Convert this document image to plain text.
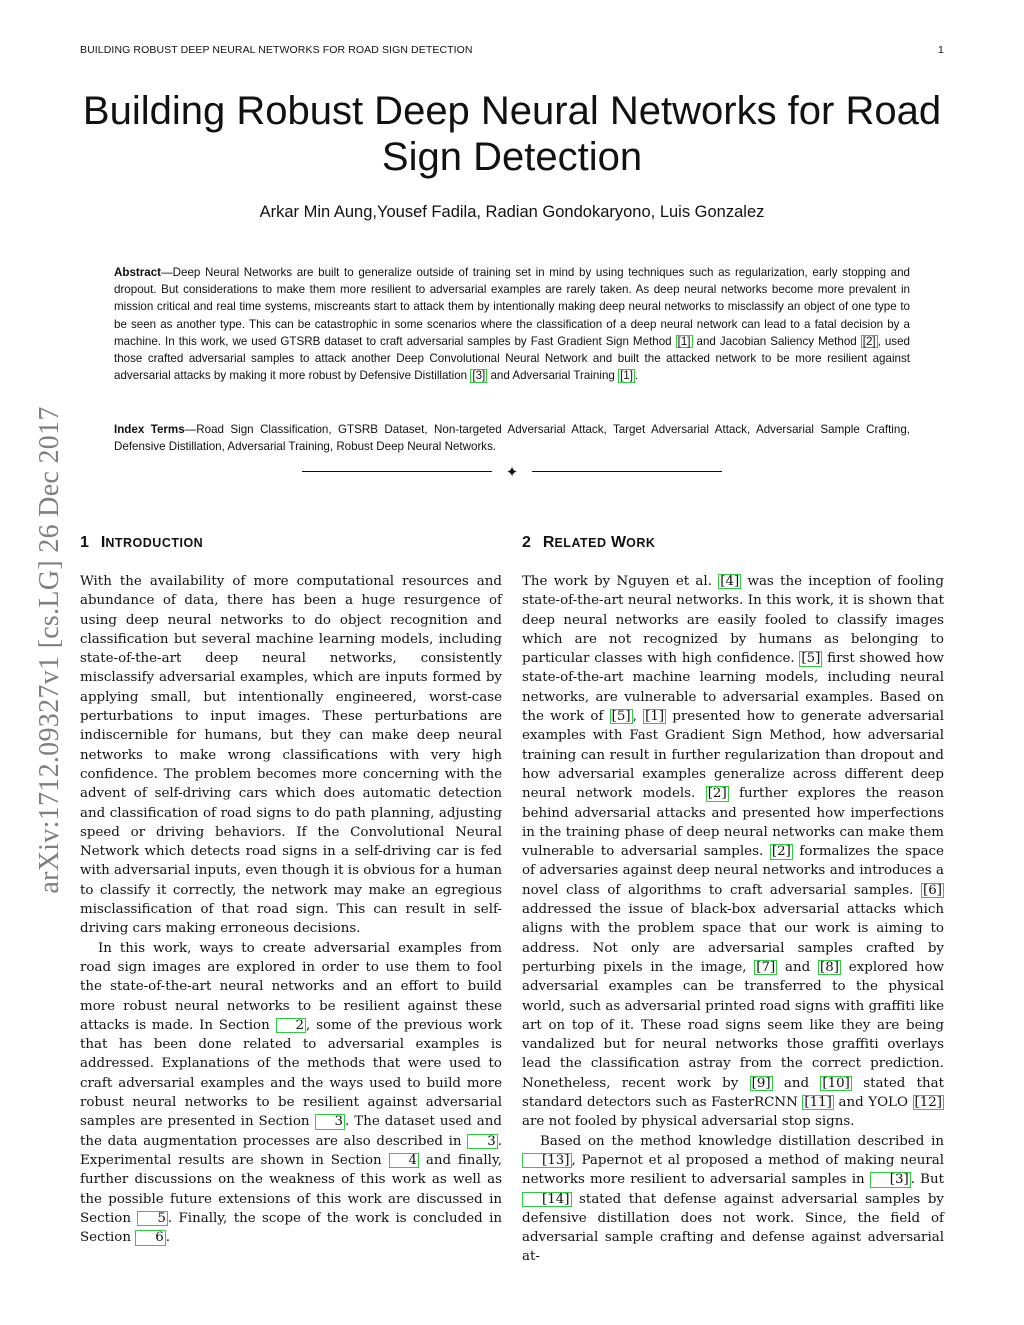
BUILDING ROBUST DEEP NEURAL NETWORKS FOR ROAD SIGN DETECTION	1
arXiv:1712.09327v1 [cs.LG] 26 Dec 2017
Building Robust Deep Neural Networks for Road Sign Detection
Arkar Min Aung,Yousef Fadila, Radian Gondokaryono, Luis Gonzalez

Abstract—Deep Neural Networks are built to generalize outside of training set in mind by using techniques such as regularization, early stopping and dropout. But considerations to make them more resilient to adversarial examples are rarely taken. As deep neural networks become more prevalent in mission critical and real time systems, miscreants start to attack them by intentionally making deep neural networks to misclassify an object of one type to be seen as another type. This can be catastrophic in some scenarios where the classification of a deep neural network can lead to a fatal decision by a machine. In this work, we used GTSRB dataset to craft adversarial samples by Fast Gradient Sign Method [1] and Jacobian Saliency Method [2] , used those crafted adversarial samples to attack another Deep Convolutional Neural Network and built the attacked network to be more resilient against adversarial attacks by making it more robust by Defensive Distillation [3] and Adversarial Training [1] .

Index Terms—Road Sign Classification, GTSRB Dataset, Non-targeted Adversarial Attack, Target Adversarial Attack, Adversarial Sample Crafting, Defensive Distillation, Adversarial Training, Robust Deep Neural Networks.

✦
1 INTRODUCTION	2 RELATED WORK

With the availability of more computational resources and abundance of data, there has been a huge resurgence of using deep neural networks to do object recognition and classification but several machine learning models, including state-of-the-art deep neural networks, consistently misclassify adversarial examples, which are inputs formed by applying small, but intentionally engineered, worst-case perturbations to input images. These perturbations are indiscernible for humans, but they can make deep neural networks to make wrong classifications with very high confidence. The problem becomes more concerning with the advent of self-driving cars which does automatic detection and classification of road signs to do path planning, adjusting speed or driving behaviors. If the Convolutional Neural Network which detects road signs in a self-driving car is fed with adversarial inputs, even though it is obvious for a human to classify it correctly, the network may make an egregious misclassification of that road sign. This can result in self-driving cars making erroneous decisions.

In this work, ways to create adversarial examples from road sign images are explored in order to use them to fool the state-of-the-art neural networks and an effort to build more robust neural networks to be resilient against these attacks is made. In Section 2 , some of the previous work that has been done related to adversarial examples is addressed. Explanations of the methods that were used to craft adversarial examples and the ways used to build more robust neural networks to be resilient against adversarial samples are presented in Section 3 . The dataset used and the data augmentation processes are also described in 3 . Experimental results are shown in Section 4 and finally, further discussions on the weakness of this work as well as the possible future extensions of this work are discussed in Section 5 . Finally, the scope of the work is concluded in Section 6 .

The work by Nguyen et al. [4] was the inception of fooling state-of-the-art neural networks. In this work, it is shown that deep neural networks are easily fooled to classify images which are not recognized by humans as belonging to particular classes with high confidence. [5] first showed how state-of-the-art machine learning models, including neural networks, are vulnerable to adversarial examples. Based on the work of [5] , [1] presented how to generate adversarial examples with Fast Gradient Sign Method, how adversarial training can result in further regularization than dropout and how adversarial examples generalize across different deep neural network models. [2] further explores the reason behind adversarial attacks and presented how imperfections in the training phase of deep neural networks can make them vulnerable to adversarial samples. [2] formalizes the space of adversaries against deep neural networks and introduces a novel class of algorithms to craft adversarial samples. [6] addressed the issue of black-box adversarial attacks which aligns with the problem space that our work is aiming to address. Not only are adversarial samples crafted by perturbing pixels in the image, [7] and [8] explored how adversarial examples can be transferred to the physical world, such as adversarial printed road signs with graffiti like art on top of it. These road signs seem like they are being vandalized but for neural networks those graffiti overlays lead the classification astray from the correct prediction. Nonetheless, recent work by [9] and [10] stated that standard detectors such as FasterRCNN [11] and YOLO [12] are not fooled by physical adversarial stop signs.

Based on the method knowledge distillation described in [13] , Papernot et al proposed a method of making neural networks more resilient to adversarial samples in [3] . But [14] stated that defense against adversarial samples by defensive distillation does not work. Since, the field of adversarial sample crafting and defense against adversarial at-
